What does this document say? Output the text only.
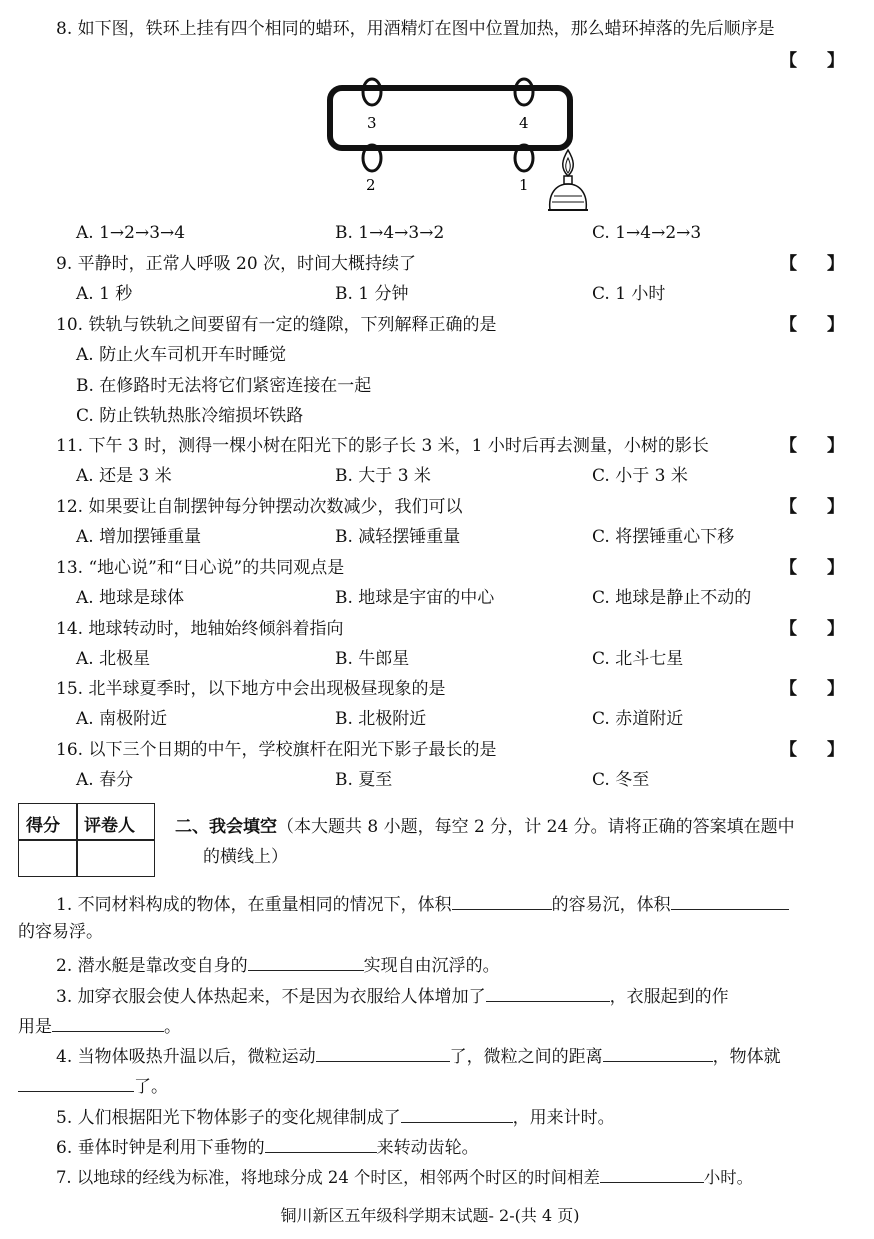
8. 如下图，铁环上挂有四个相同的蜡环，用酒精灯在图中位置加热，那么蜡环掉落的先后顺序是
【】
3	4
2	1
A. 1→2→3→4	B. 1→4→3→2	C. 1→4→2→3
9. 平静时，正常人呼吸 20 次，时间大概持续了	【】
A. 1 秒	B. 1 分钟	C. 1 小时
10. 铁轨与铁轨之间要留有一定的缝隙，下列解释正确的是	【】
A. 防止火车司机开车时睡觉
B. 在修路时无法将它们紧密连接在一起
C. 防止铁轨热胀冷缩损坏铁路
11. 下午 3 时，测得一棵小树在阳光下的影子长 3 米，1 小时后再去测量，小树的影长	【】
A. 还是 3 米	B. 大于 3 米	C. 小于 3 米
12. 如果要让自制摆钟每分钟摆动次数减少，我们可以	【】
A. 增加摆锤重量	B. 减轻摆锤重量	C. 将摆锤重心下移
13. “地心说”和“日心说”的共同观点是	【】
A. 地球是球体	B. 地球是宇宙的中心	C. 地球是静止不动的
14. 地球转动时，地轴始终倾斜着指向	【】
A. 北极星	B. 牛郎星	C. 北斗七星
15. 北半球夏季时，以下地方中会出现极昼现象的是	【】
A. 南极附近	B. 北极附近	C. 赤道附近
16. 以下三个日期的中午，学校旗杆在阳光下影子最长的是	【】
A. 春分	B. 夏至	C. 冬至
得分 评卷人 二、我会填空（本大题共 8 小题，每空 2 分，计 24 分。请将正确的答案填在题中
的横线上）
1. 不同材料构成的物体，在重量相同的情况下，体积	的容易沉，体积
的容易浮。
2. 潜水艇是靠改变自身的	实现自由沉浮的。
3. 加穿衣服会使人体热起来，不是因为衣服给人体增加了	，衣服起到的作
用是	。
4. 当物体吸热升温以后，微粒运动	了，微粒之间的距离	，物体就
了。
5. 人们根据阳光下物体影子的变化规律制成了	，用来计时。
6. 垂体时钟是利用下垂物的	来转动齿轮。
7. 以地球的经线为标准，将地球分成 24 个时区，相邻两个时区的时间相差	小时。
铜川新区五年级科学期末试题- 2-(共 4 页)
